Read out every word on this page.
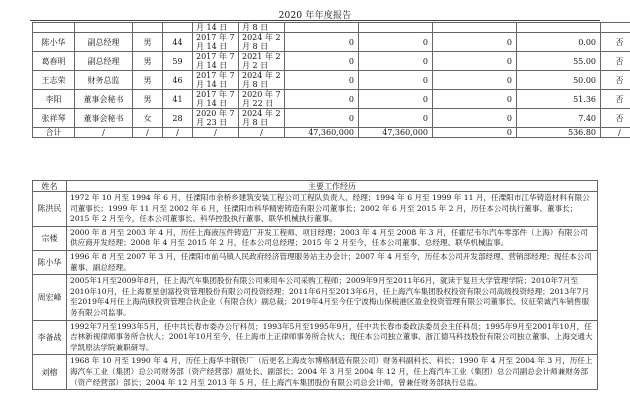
2020 年年度报告
				月 14 日	月 8 日					
陈小华	副总经理	男	44	2017 年 7 月 14 日	2024 年 2 月 8 日	0	0	0	0.00	否
葛春明	副总经理	男	59	2017 年 7 月 14 日	2021 年 2 月 2 日	0	0	0	55.00	否
王志荣	财务总监	男	46	2017 年 7 月 14 日	2024 年 2 月 8 日	0	0	0	50.00	否
李阳	董事会秘书	男	41	2017 年 7 月 14 日	2020 年 7 月 22 日	0	0	0	51.36	否
张祥琴	董事会秘书	女	28	2020 年 7 月 23 日	2024 年 2 月 8 日	0	0	0	7.40	否
合计	/	/	/	/	/	47,360,000	47,360,000	0	536.80	/
姓名	主要工作经历
陈洪民	1972 年 10 月至 1994 年 6 月，任溧阳市余桥乡建筑安装工程公司工程队负责人、经理；1994 年 6 月至 1999 年 11 月，任溧阳市江华铸造材料有限公司董事长；1999 年 11 月至 2002 年 6 月，任溧阳市科华精密铸造有限公司董事长；2002 年 6 月至 2015 年 2 月，历任本公司执行董事、董事长；2015 年 2 月至今，任本公司董事长、科华控股执行董事、联华机械执行董事。
宗楼	2000 年 8 月至 2003 年 4 月，历任上海液压件铸造厂开发工程师、项目经理；2003 年 4 月至 2008 年 3 月，任霍尼韦尔汽车零部件（上海）有限公司供应商开发经理；2008 年 4 月至 2015 年 2 月，任本公司总经理；2015 年 2 月至今，任本公司董事、总经理、联华机械监事。
陈小华	1996 年 8 月至 2007 年 3 月，任溧阳市前马镇人民政府经济管理服务站主办会计；2007 年 4 月至今，历任本公司开发部经理、营销部经理；现任本公司董事、副总经理。
周宏峰	2005年1月至2009年8月，任上海汽车集团股份有限公司乘用车公司采购工程师；2009年9月至2011年6月，就读于复旦大学管理学院；2010年7月至2010年10月，任上海夏星创富投资管理股份有限公司投资经理；2011年6月至2013年6月，任上海汽车集团股权投资有限公司高级投资经理；2013年7月至2019年4月任上海尚颀投资管理合伙企业（有限合伙）副总裁；2019年4月至今任宁波梅山保税港区盈金投资管理有限公司董事长、仪征荣诚汽车销售服务有限公司监事。
李备战	1992年7月至1993年5月，任中共长春市委办公厅科员；1993年5月至1995年9月，任中共长春市委政法委员会主任科员；1995年9月至2001年10月，任吉林新视律师事务所合伙人；2001年10月至今，任上海市上正律师事务所合伙人；现任本公司独立董事、浙江德马科技股份有限公司独立董事、上海交通大学凯原法学院兼职研导。
刘榕	1968 年 10 月至 1990 年 4 月，历任上海华丰钢铁厂（后更名上海皮尔博格制造有限公司）财务科副科长、科长；1990 年 4 月至 2004 年 3 月，历任上海汽车工业（集团）总公司财务部（资产经营部）副处长、副部长；2004 年 3 月至 2004 年 12 月，任上海汽车工业（集团）总公司副总会计师兼财务部（资产经营部）部长；2004 年 12 月至 2013 年 5 月，任上海汽车集团股份有限公司总会计师，曾兼任财务部执行总监。
